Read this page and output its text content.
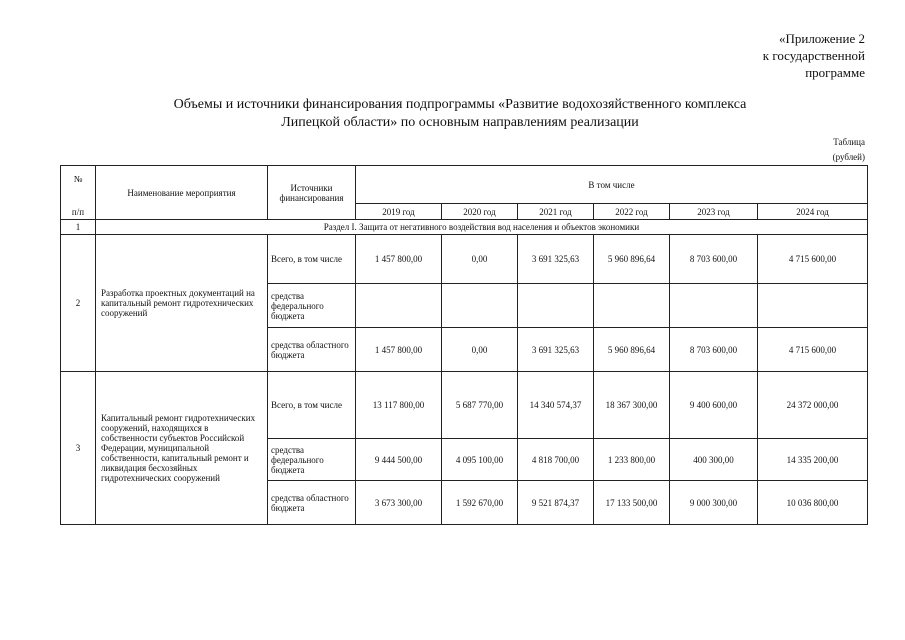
«Приложение 2
к государственной
программе
Объемы и источники финансирования подпрограммы «Развитие водохозяйственного комплекса
Липецкой области» по основным направлениям реализации
Таблица
(рублей)
№	Наименование мероприятия	Источники финансирования	В том числе					
п/п			2019 год	2020 год	2021 год	2022 год	2023 год	2024 год
1	Раздел I. Защита от негативного воздействия вод населения и объектов экономики							
2	Разработка проектных документаций на капитальный ремонт гидротехнических сооружений	Всего, в том числе	1 457 800,00	0,00	3 691 325,63	5 960 896,64	8 703 600,00	4 715 600,00
		средства федерального бюджета						
		средства областного бюджета	1 457 800,00	0,00	3 691 325,63	5 960 896,64	8 703 600,00	4 715 600,00
3	Капитальный ремонт гидротехнических сооружений, находящихся в собственности субъектов Российской Федерации, муниципальной собственности, капитальный ремонт и ликвидация бесхозяйных гидротехнических сооружений	Всего, в том числе	13 117 800,00	5 687 770,00	14 340 574,37	18 367 300,00	9 400 600,00	24 372 000,00
		средства федерального бюджета	9 444 500,00	4 095 100,00	4 818 700,00	1 233 800,00	400 300,00	14 335 200,00
		средства областного бюджета	3 673 300,00	1 592 670,00	9 521 874,37	17 133 500,00	9 000 300,00	10 036 800,00
